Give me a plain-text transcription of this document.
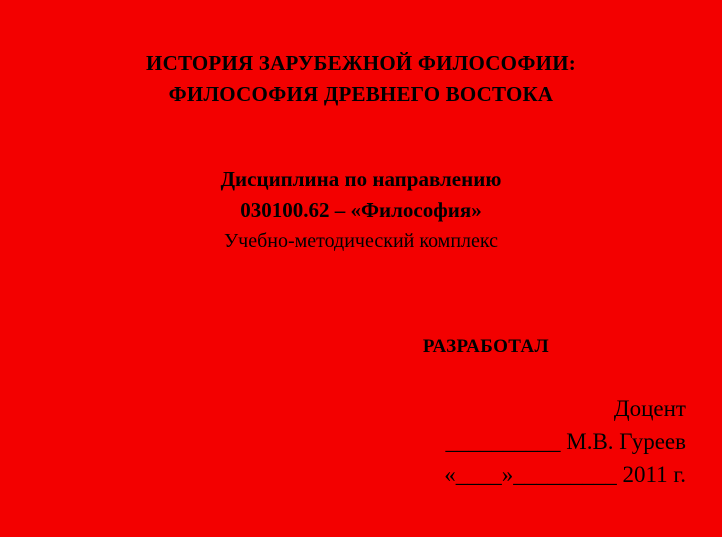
ИСТОРИЯ ЗАРУБЕЖНОЙ ФИЛОСОФИИ:
ФИЛОСОФИЯ ДРЕВНЕГО ВОСТОКА
Дисциплина по направлению
030100.62 – «Философия»
Учебно-методический комплекс
РАЗРАБОТАЛ
Доцент
__________ М.В. Гуреев
«____»_________ 2011 г.
